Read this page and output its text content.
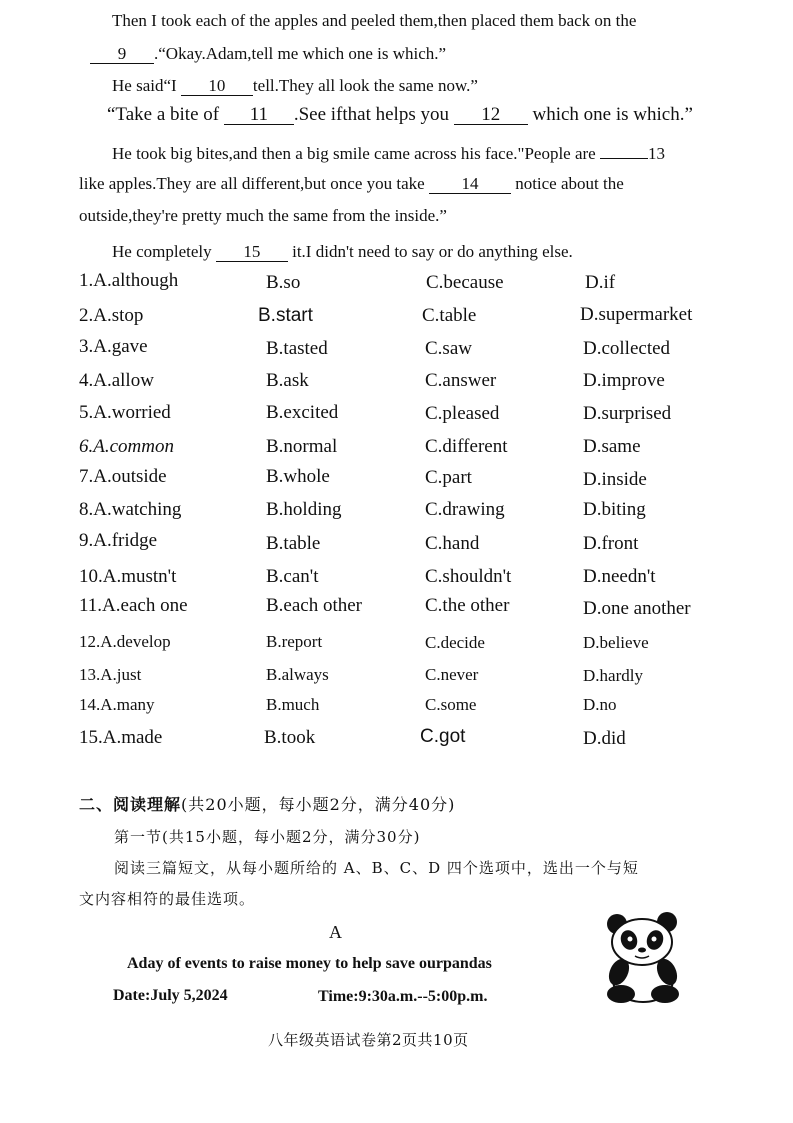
Then I took each of the apples and peeled them,then placed them back on the
9 .“Okay.Adam,tell me which one is which.”
He said“I 10 tell.They all look the same now.”
“Take a bite of 11 .See ifthat helps you 12 which one is which.”
He took big bites,and then a big smile came across his face."People are	13
like apples.They are all different,but once you take 14 notice about the
outside,they're pretty much the same from the inside.”
He completely 15 it.I didn't need to say or do anything else.
1.A.although	B.so	C.because	D.if
2.A.stop	B.start	C.table	D.supermarket
3.A.gave	B.tasted	C.saw	D.collected
4.A.allow	B.ask	C.answer	D.improve
5.A.worried	B.excited	C.pleased	D.surprised
6.A.common	B.normal	C.different	D.same
7.A.outside	B.whole	C.part	D.inside
8.A.watching	B.holding	C.drawing	D.biting
9.A.fridge	B.table	C.hand	D.front
10.A.mustn't	B.can't	C.shouldn't	D.needn't
11.A.each one	B.each other	C.the other	D.one another
12.A.develop	B.report	C.decide	D.believe
13.A.just	B.always	C.never	D.hardly
14.A.many	B.much	C.some	D.no
15.A.made	B.took	C.got	D.did
二、阅读理解(共20小题，每小题2分，满分40分)
第一节(共15小题，每小题2分，满分30分)
阅读三篇短文，从每小题所给的 A、B、C、D 四个选项中，选出一个与短
文内容相符的最佳选项。
A
Aday of events to raise money to help save ourpandas
Date:July 5,2024	Time:9:30a.m.--5:00p.m.
八年级英语试卷第2页共10页
